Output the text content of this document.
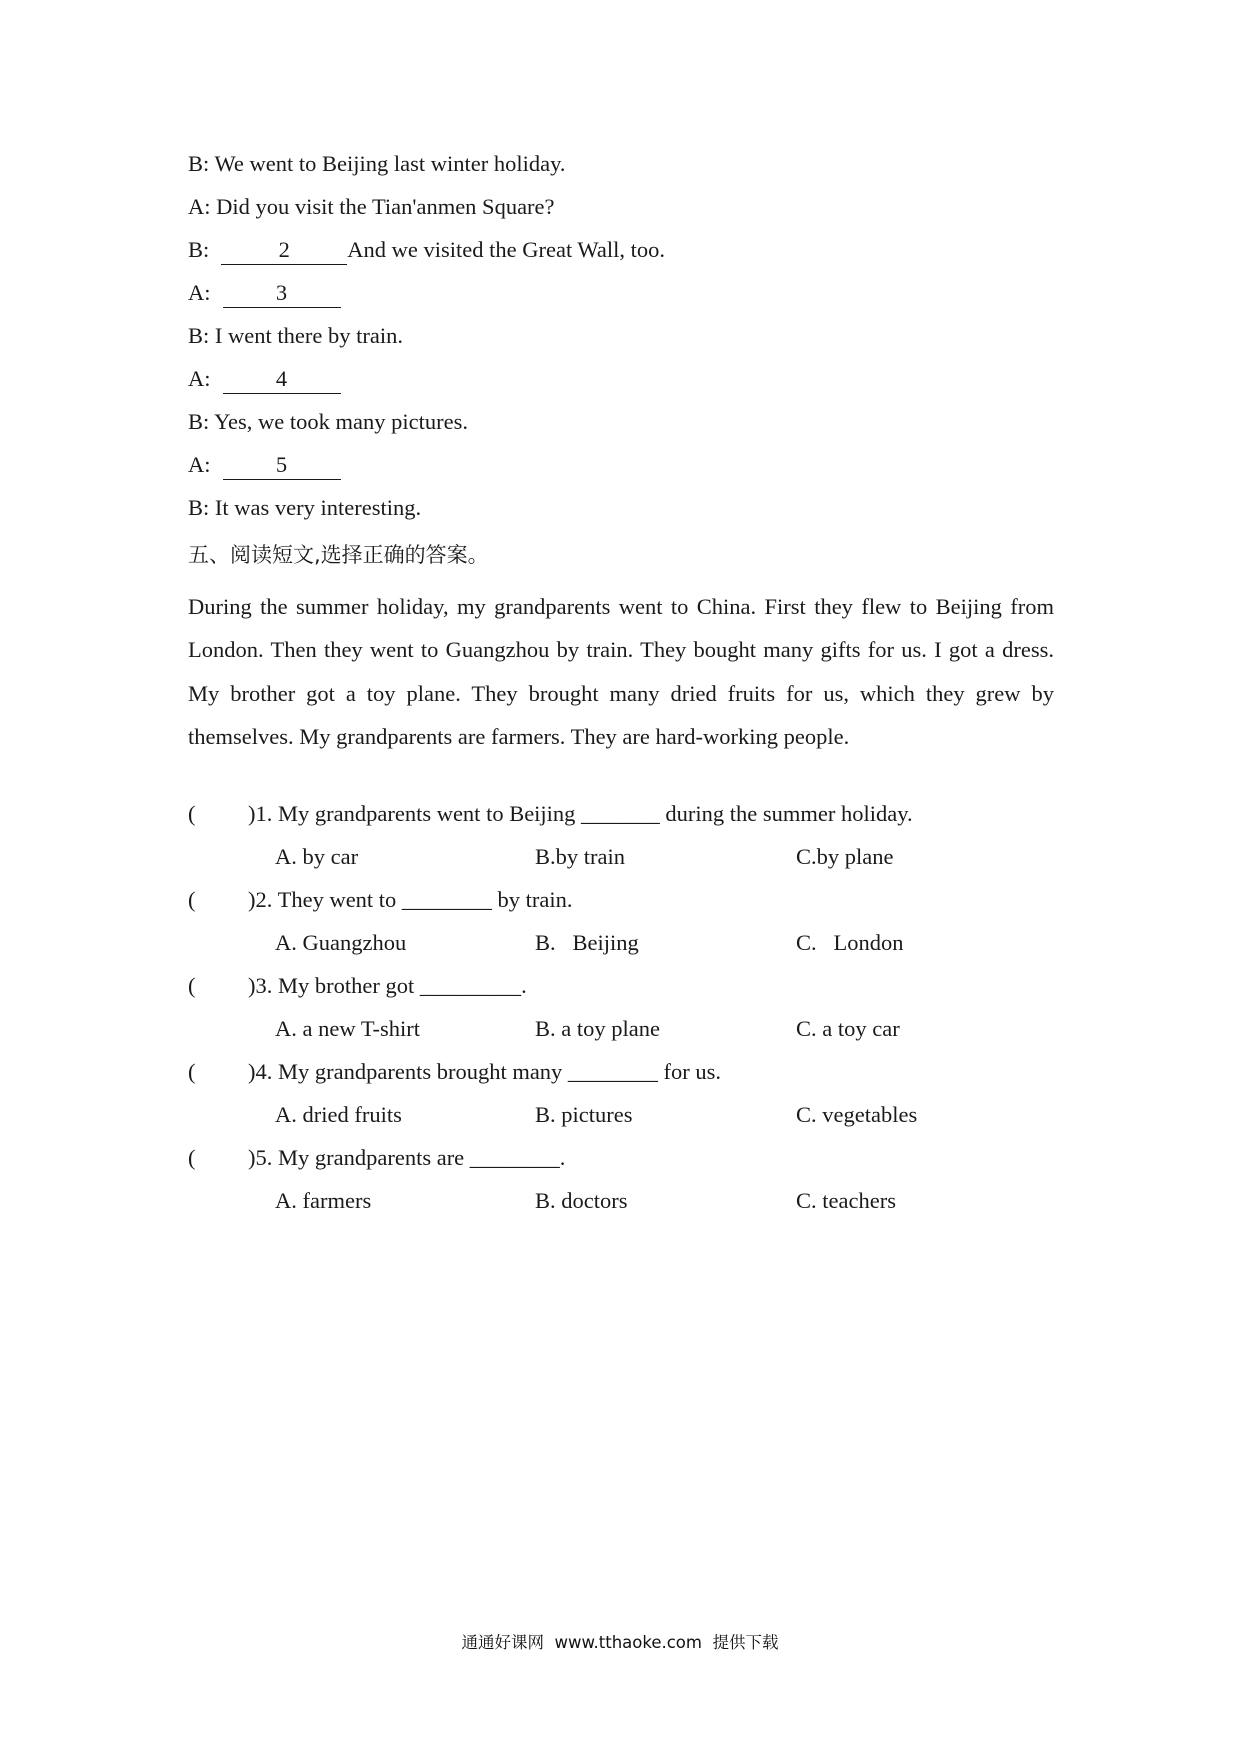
B: We went to Beijing last winter holiday.
A: Did you visit the Tian'anmen Square?
B:	2	And we visited the Great Wall, too.
A:	3
B: I went there by train.
A:	4
B: Yes, we took many pictures.
A:	5
B: It was very interesting.
五、阅读短文,选择正确的答案。
During the summer holiday, my grandparents went to China. First they flew to Beijing from London. Then they went to Guangzhou by train. They bought many gifts for us. I got a dress. My brother got a toy plane. They brought many dried fruits for us, which they grew by themselves. My grandparents are farmers. They are hard-working people.
( )1. My grandparents went to Beijing _______ during the summer holiday.
A. by car	B.by train	C.by plane
( )2. They went to ________ by train.
A. Guangzhou	B.   Beijing	C.   London
( )3. My brother got _________.
A. a new T-shirt	B. a toy plane	C. a toy car
( )4. My grandparents brought many ________ for us.
A. dried fruits	B. pictures	C. vegetables
( )5. My grandparents are ________.
A. farmers	B. doctors	C. teachers
通通好课网  www.tthaoke.com  提供下载
